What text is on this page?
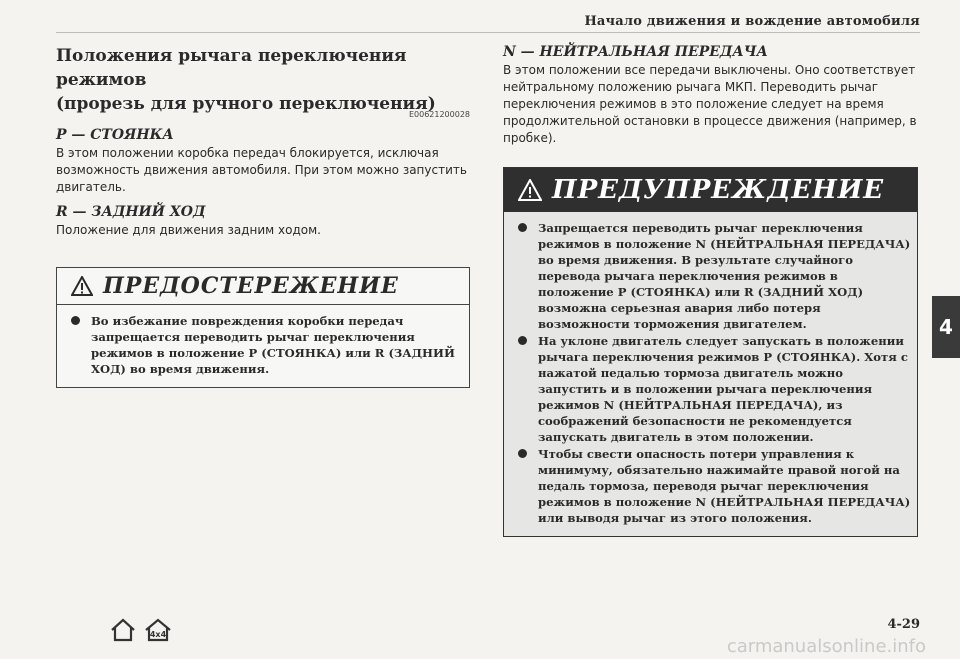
Начало движения и вождение автомобиля
4
Положения рычага переключения режимов
(прорезь для ручного переключения)
E00621200028
P — СТОЯНКА

В этом положении коробка передач блокируется, исключая возможность движения автомобиля. При этом можно запустить двигатель.

R — ЗАДНИЙ ХОД

Положение для движения задним ходом.

ПРЕДОСТЕРЕЖЕНИЕ
Во избежание повреждения коробки передач запрещается переводить рычаг переключения режимов в положение Р (СТОЯНКА) или R (ЗАДНИЙ ХОД) во время движения.
N — НЕЙТРАЛЬНАЯ ПЕРЕДАЧА

В этом положении все передачи выключены. Оно соответствует нейтральному положению рычага МКП. Переводить рычаг переключения режимов в это положение следует на время продолжительной остановки в процессе движения (например, в пробке).

ПРЕДУПРЕЖДЕНИЕ
Запрещается переводить рычаг переключения режимов в положение N (НЕЙТРАЛЬНАЯ ПЕРЕДАЧА) во время движения. В результате случайного перевода рычага переключения режимов в положение Р (СТОЯНКА) или R (ЗАДНИЙ ХОД) возможна серьезная авария либо потеря возможности торможения двигателем.
На уклоне двигатель следует запускать в положении рычага переключения режимов Р (СТОЯНКА). Хотя с нажатой педалью тормоза двигатель можно запустить и в положении рычага переключения режимов N (НЕЙТРАЛЬНАЯ ПЕРЕДАЧА), из соображений безопасности не рекомендуется запускать двигатель в этом положении.
Чтобы свести опасность потери управления к минимуму, обязательно нажимайте правой ногой на педаль тормоза, переводя рычаг переключения режимов в положение N (НЕЙТРАЛЬНАЯ ПЕРЕДАЧА) или выводя рычаг из этого положения.
4x4
4-29
carmanualsonline.info
